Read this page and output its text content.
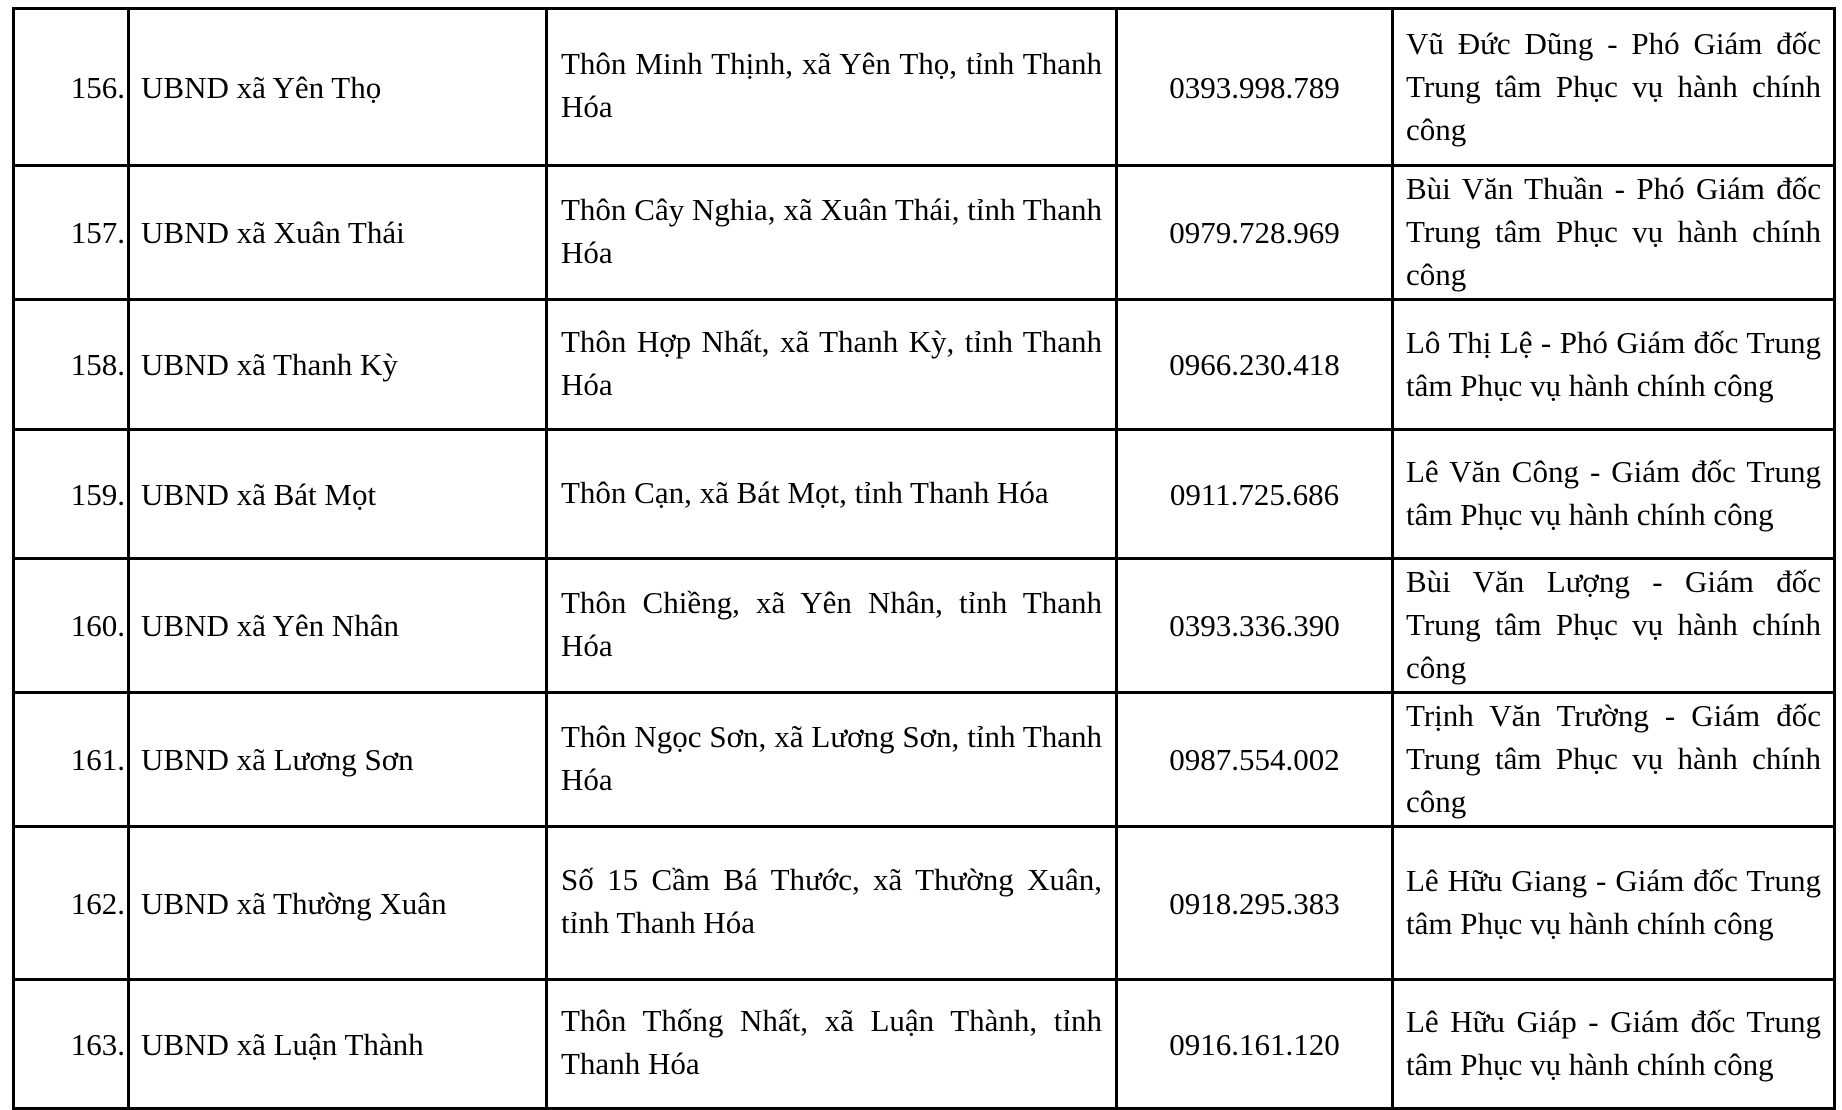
156.	UBND xã Yên Thọ	Thôn Minh Thịnh, xã Yên Thọ, tỉnh Thanh Hóa	0393.998.789	Vũ Đức Dũng - Phó Giám đốc Trung tâm Phục vụ hành chính công
157.	UBND xã Xuân Thái	Thôn Cây Nghia, xã Xuân Thái, tỉnh Thanh Hóa	0979.728.969	Bùi Văn Thuần - Phó Giám đốc Trung tâm Phục vụ hành chính công
158.	UBND xã Thanh Kỳ	Thôn Hợp Nhất, xã Thanh Kỳ, tỉnh Thanh Hóa	0966.230.418	Lô Thị Lệ - Phó Giám đốc Trung tâm Phục vụ hành chính công
159.	UBND xã Bát Mọt	Thôn Cạn, xã Bát Mọt, tỉnh Thanh Hóa	0911.725.686	Lê Văn Công - Giám đốc Trung tâm Phục vụ hành chính công
160.	UBND xã Yên Nhân	Thôn Chiềng, xã Yên Nhân, tỉnh Thanh Hóa	0393.336.390	Bùi Văn Lượng - Giám đốc Trung tâm Phục vụ hành chính công
161.	UBND xã Lương Sơn	Thôn Ngọc Sơn, xã Lương Sơn, tỉnh Thanh Hóa	0987.554.002	Trịnh Văn Trường - Giám đốc Trung tâm Phục vụ hành chính công
162.	UBND xã Thường Xuân	Số 15 Cầm Bá Thước, xã Thường Xuân, tỉnh Thanh Hóa	0918.295.383	Lê Hữu Giang - Giám đốc Trung tâm Phục vụ hành chính công
163.	UBND xã Luận Thành	Thôn Thống Nhất, xã Luận Thành, tỉnh Thanh Hóa	0916.161.120	Lê Hữu Giáp - Giám đốc Trung tâm Phục vụ hành chính công
